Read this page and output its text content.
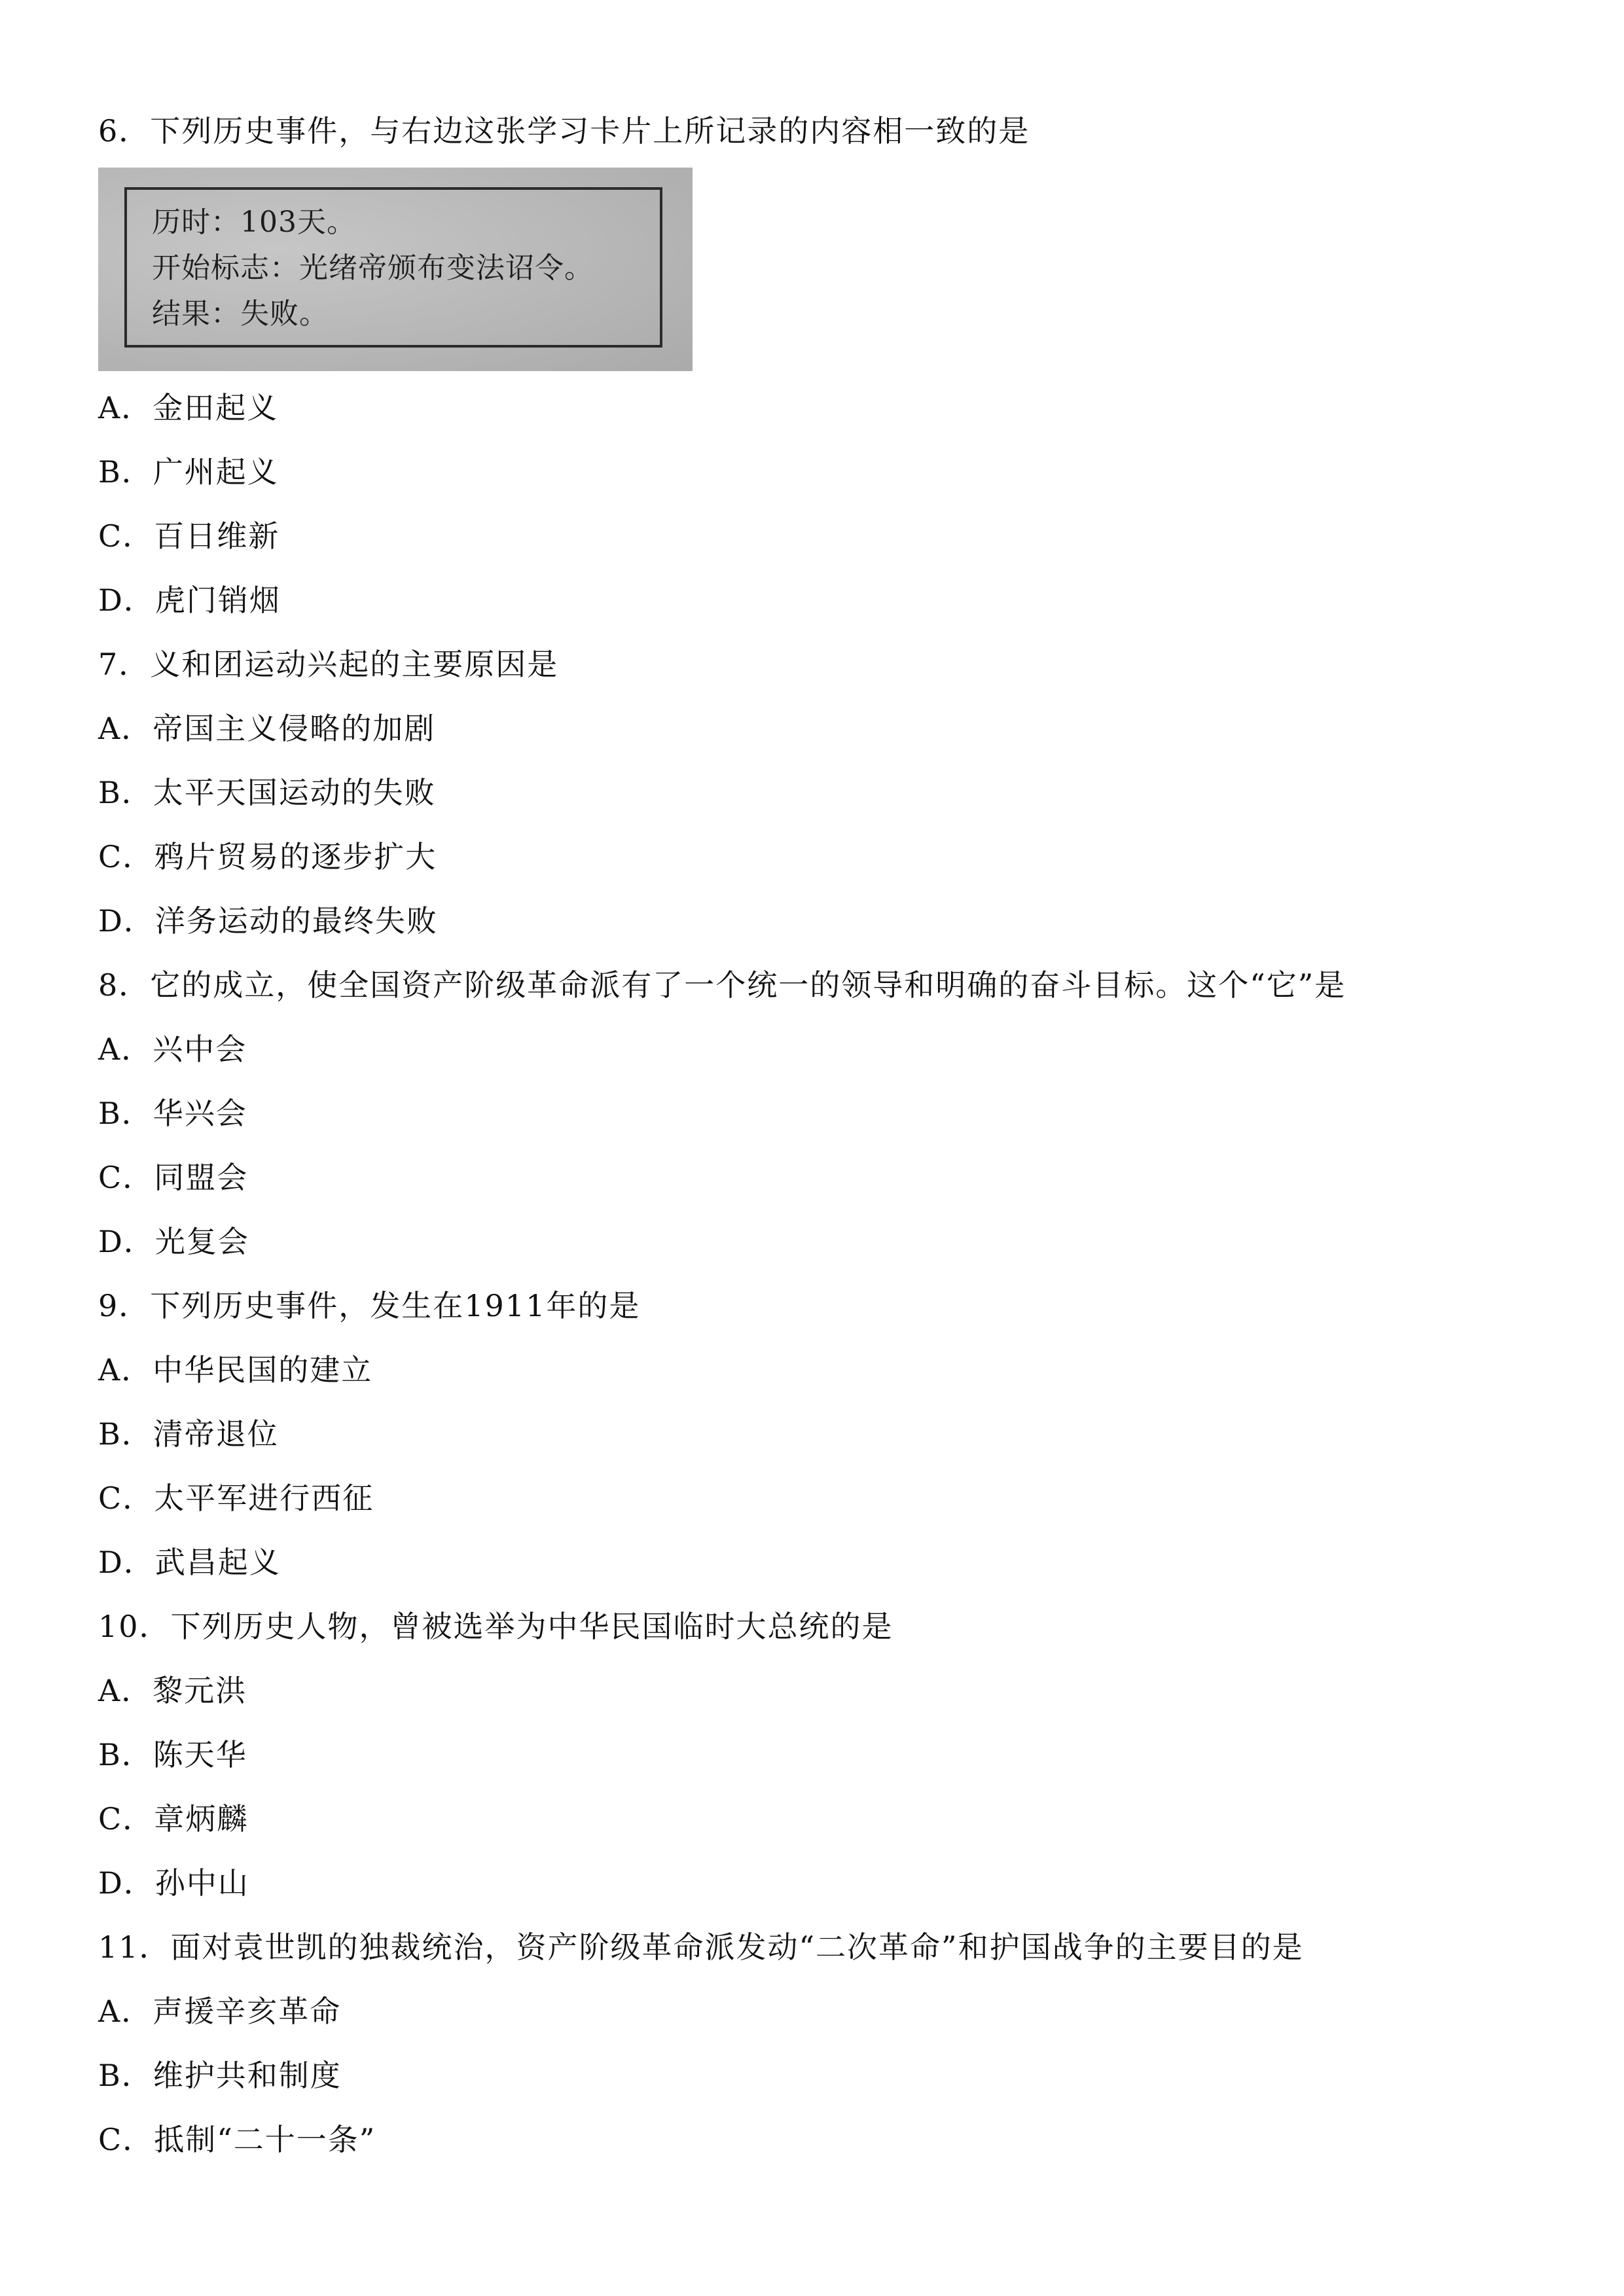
6．下列历史事件，与右边这张学习卡片上所记录的内容相一致的是
历时：103天。
开始标志：光绪帝颁布变法诏令。
结果：失败。
A．金田起义
B．广州起义
C．百日维新
D．虎门销烟
7．义和团运动兴起的主要原因是
A．帝国主义侵略的加剧
B．太平天国运动的失败
C．鸦片贸易的逐步扩大
D．洋务运动的最终失败
8．它的成立，使全国资产阶级革命派有了一个统一的领导和明确的奋斗目标。这个“它”是
A．兴中会
B．华兴会
C．同盟会
D．光复会
9．下列历史事件，发生在1911年的是
A．中华民国的建立
B．清帝退位
C．太平军进行西征
D．武昌起义
10．下列历史人物，曾被选举为中华民国临时大总统的是
A．黎元洪
B．陈天华
C．章炳麟
D．孙中山
11．面对袁世凯的独裁统治，资产阶级革命派发动“二次革命”和护国战争的主要目的是
A．声援辛亥革命
B．维护共和制度
C．抵制“二十一条”
